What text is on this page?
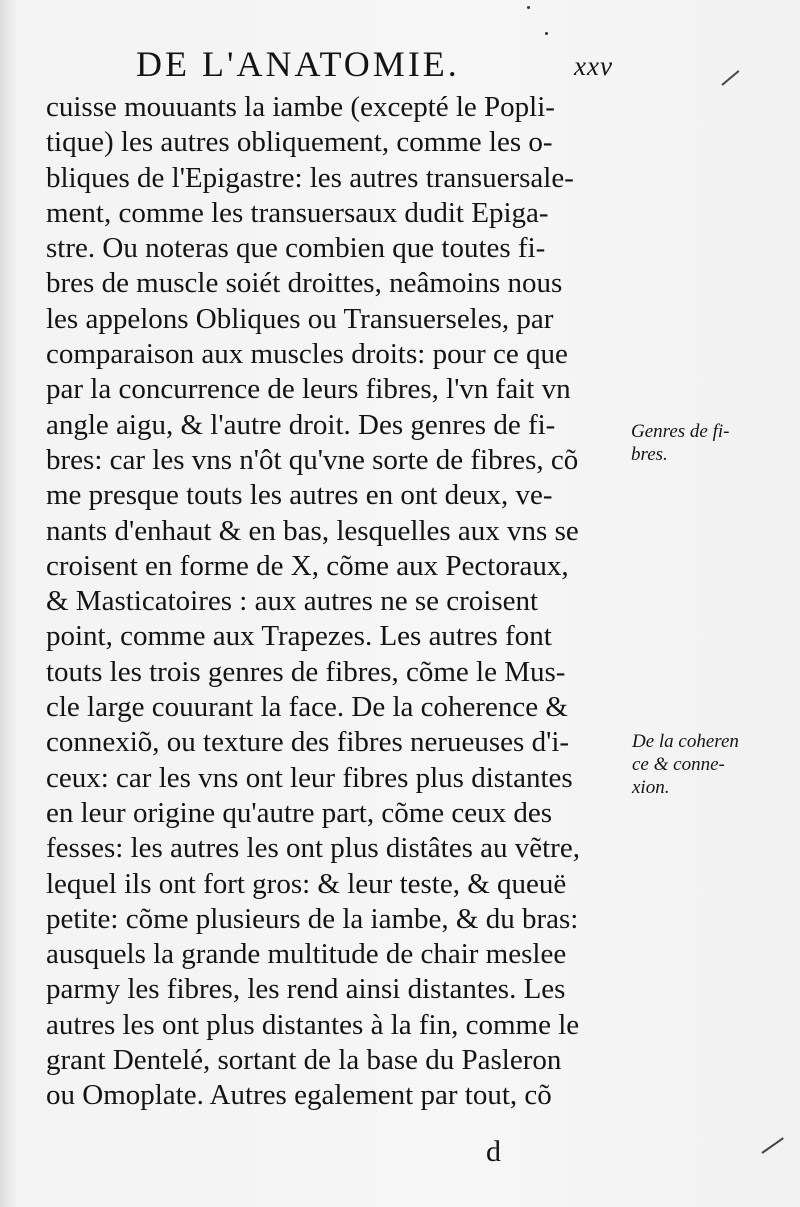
DE L'ANATOMIE.	xxv
cuisse mouuants la iambe (excepté le Popli-
tique) les autres obliquement, comme les o-
bliques de l'Epigastre: les autres transuersale-
ment, comme les transuersaux dudit Epiga-
stre. Ou noteras que combien que toutes fi-
bres de muscle soiét droittes, neâmoins nous
les appelons Obliques ou Transuerseles, par
comparaison aux muscles droits: pour ce que
par la concurrence de leurs fibres, l'vn fait vn
angle aigu, & l'autre droit. Des genres de fi-
bres: car les vns n'ôt qu'vne sorte de fibres, cõ
me presque touts les autres en ont deux, ve-
nants d'enhaut & en bas, lesquelles aux vns se
croisent en forme de X, cõme aux Pectoraux,
& Masticatoires : aux autres ne se croisent
point, comme aux Trapezes. Les autres font
touts les trois genres de fibres, cõme le Mus-
cle large couurant la face. De la coherence &
connexiõ, ou texture des fibres nerueuses d'i-
ceux: car les vns ont leur fibres plus distantes
en leur origine qu'autre part, cõme ceux des
fesses: les autres les ont plus distâtes au vẽtre,
lequel ils ont fort gros: & leur teste, & queuë
petite: cõme plusieurs de la iambe, & du bras:
ausquels la grande multitude de chair meslee
parmy les fibres, les rend ainsi distantes. Les
autres les ont plus distantes à la fin, comme le
grant Dentelé, sortant de la base du Pasleron
ou Omoplate. Autres egalement par tout, cõ
Genres de fi-
bres.
De la coheren
ce & conne-
xion.
d
